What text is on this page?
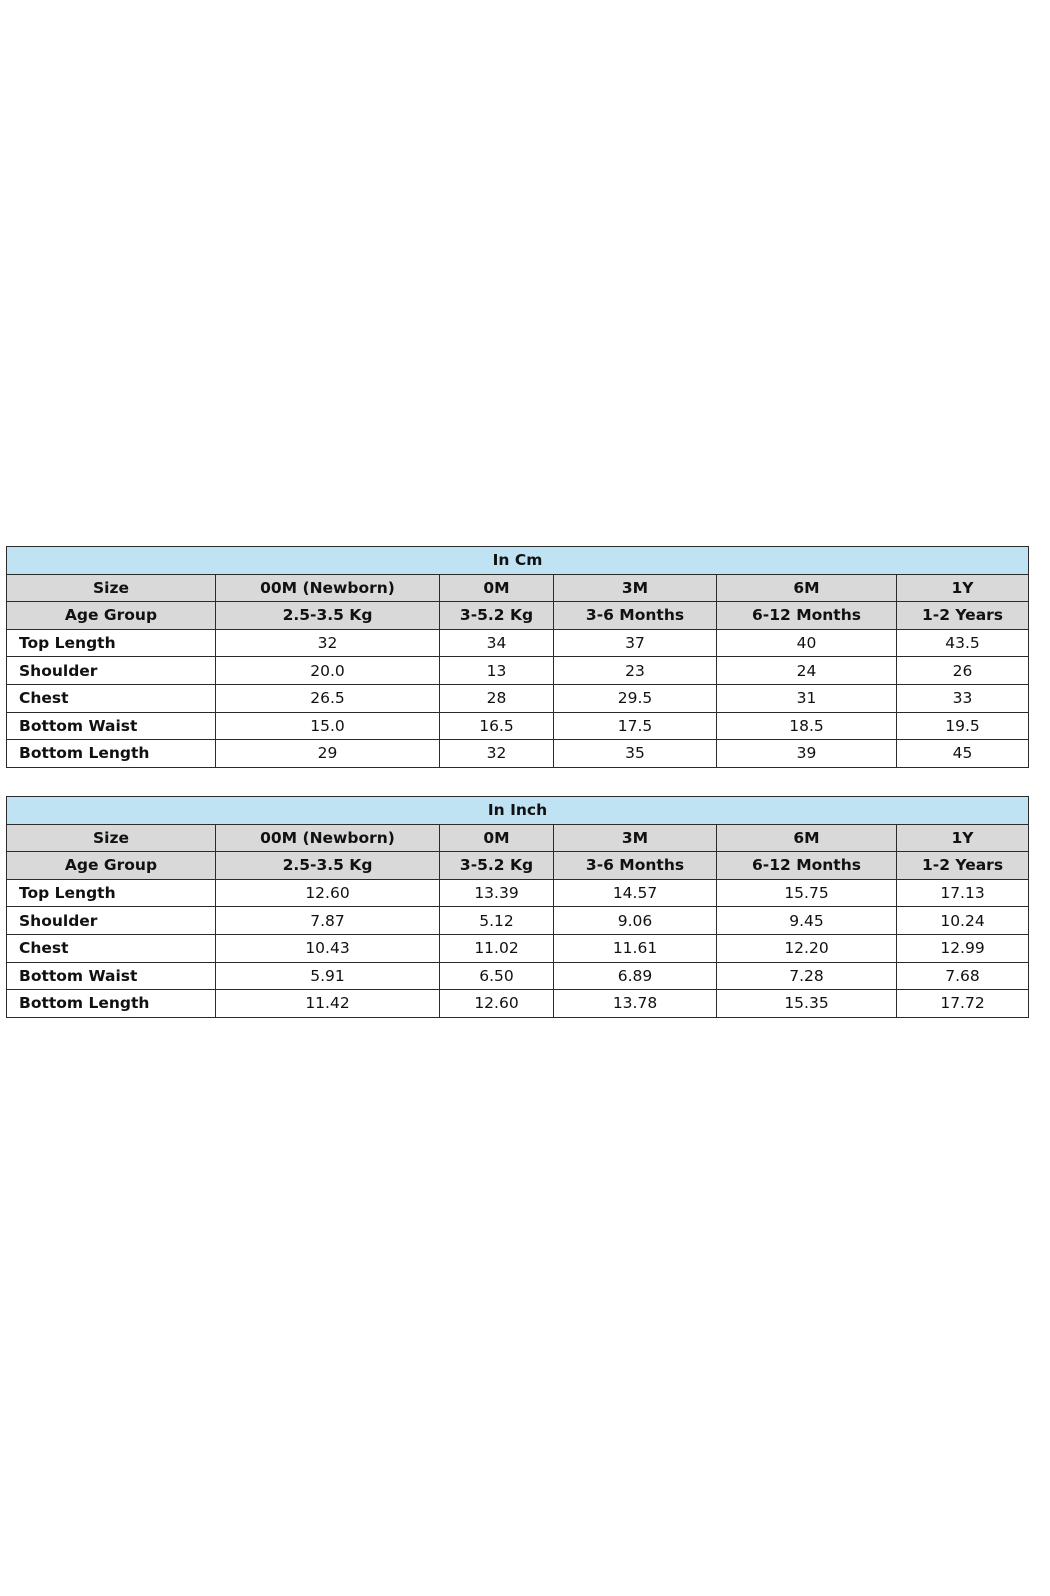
In Cm					
Size	00M (Newborn)	0M	3M	6M	1Y
Age Group	2.5-3.5 Kg	3-5.2 Kg	3-6 Months	6-12 Months	1-2 Years
Top Length	32	34	37	40	43.5
Shoulder	20.0	13	23	24	26
Chest	26.5	28	29.5	31	33
Bottom Waist	15.0	16.5	17.5	18.5	19.5
Bottom Length	29	32	35	39	45
In Inch					
Size	00M (Newborn)	0M	3M	6M	1Y
Age Group	2.5-3.5 Kg	3-5.2 Kg	3-6 Months	6-12 Months	1-2 Years
Top Length	12.60	13.39	14.57	15.75	17.13
Shoulder	7.87	5.12	9.06	9.45	10.24
Chest	10.43	11.02	11.61	12.20	12.99
Bottom Waist	5.91	6.50	6.89	7.28	7.68
Bottom Length	11.42	12.60	13.78	15.35	17.72
